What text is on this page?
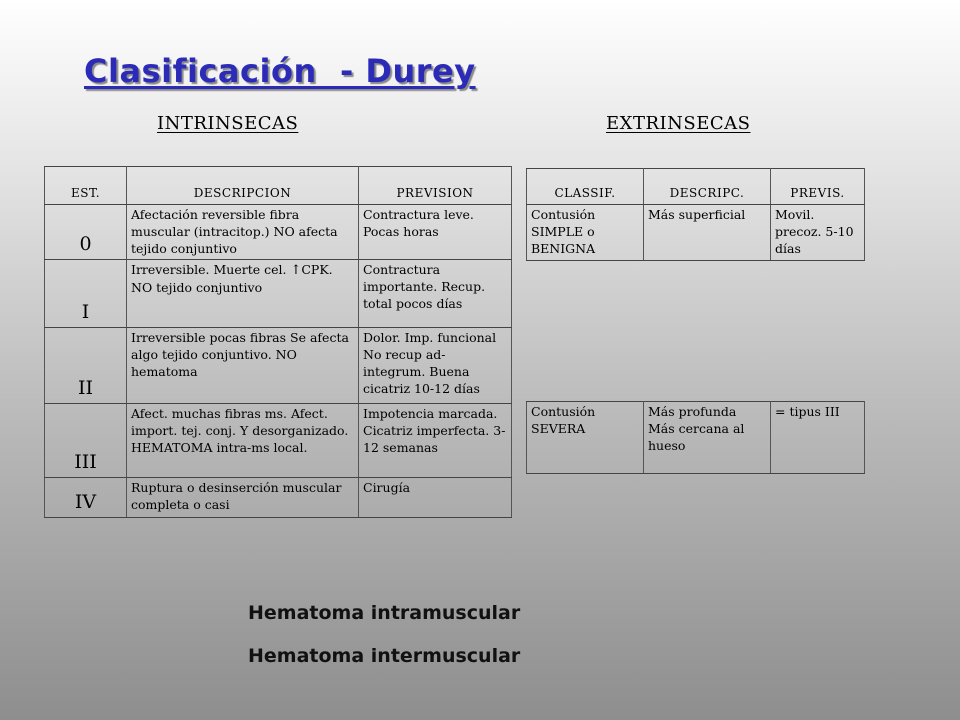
Clasificación  - Durey
INTRINSECAS	EXTRINSECAS
EST.	DESCRIPCION	PREVISION
0	Afectación reversible fibra muscular (intracitop.) NO afecta tejido conjuntivo	Contractura leve. Pocas horas
I	Irreversible. Muerte cel. ↑CPK. NO tejido conjuntivo	Contractura importante. Recup. total pocos días
II	Irreversible pocas fibras Se afecta algo tejido conjuntivo. NO hematoma	Dolor. Imp. funcional No recup ad-integrum. Buena cicatriz 10-12 días
III	Afect. muchas fibras ms. Afect. import. tej. conj. Y desorganizado. HEMATOMA intra-ms local.	Impotencia marcada. Cicatriz imperfecta. 3-12 semanas
IV	Ruptura o desinserción muscular completa o casi	Cirugía
CLASSIF.	DESCRIPC.	PREVIS.
Contusión SIMPLE o BENIGNA	Más superficial	Movil. precoz. 5-10 días
Contusión SEVERA	Más profunda Más cercana al hueso	= tipus III
Hematoma intramuscular
Hematoma intermuscular
